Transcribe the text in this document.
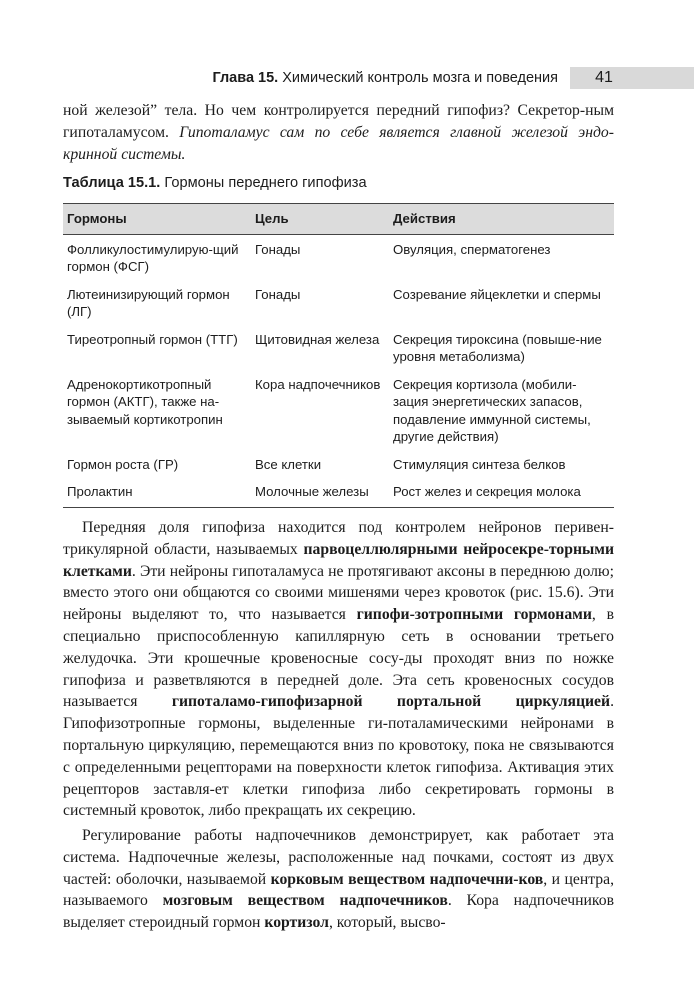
Глава 15. Химический контроль мозга и поведения	41
ной железой” тела. Но чем контролируется передний гипофиз? Секретор-ным гипоталамусом. Гипоталамус сам по себе является главной железой эндо-кринной системы.
Таблица 15.1. Гормоны переднего гипофиза
Гормоны	Цель	Действия
Фолликулостимулирую-щий гормон (ФСГ)	Гонады	Овуляция, сперматогенез
Лютеинизирующий гормон (ЛГ)	Гонады	Созревание яйцеклетки и спермы
Тиреотропный гормон (ТТГ)	Щитовидная железа	Секреция тироксина (повыше-ние уровня метаболизма)
Адренокортикотропный гормон (АКТГ), также на-зываемый кортикотропин	Кора надпочечников	Секреция кортизола (мобили-зация энергетических запасов, подавление иммунной системы, другие действия)
Гормон роста (ГР)	Все клетки	Стимуляция синтеза белков
Пролактин	Молочные железы	Рост желез и секреция молока
Передняя доля гипофиза находится под контролем нейронов перивен-трикулярной области, называемых парвоцеллюлярными нейросекре-торными клетками. Эти нейроны гипоталамуса не протягивают аксоны в переднюю долю; вместо этого они общаются со своими мишенями через кровоток (рис. 15.6). Эти нейроны выделяют то, что называется гипофи-зотропными гормонами, в специально приспособленную капиллярную сеть в основании третьего желудочка. Эти крошечные кровеносные сосу-ды проходят вниз по ножке гипофиза и разветвляются в передней доле. Эта сеть кровеносных сосудов называется гипоталамо-гипофизарной портальной циркуляцией. Гипофизотропные гормоны, выделенные ги-поталамическими нейронами в портальную циркуляцию, перемещаются вниз по кровотоку, пока не связываются с определенными рецепторами на поверхности клеток гипофиза. Активация этих рецепторов заставля-ет клетки гипофиза либо секретировать гормоны в системный кровоток, либо прекращать их секрецию.
Регулирование работы надпочечников демонстрирует, как работает эта система. Надпочечные железы, расположенные над почками, состоят из двух частей: оболочки, называемой корковым веществом надпочечни-ков, и центра, называемого мозговым веществом надпочечников. Кора надпочечников выделяет стероидный гормон кортизол, который, высво-
